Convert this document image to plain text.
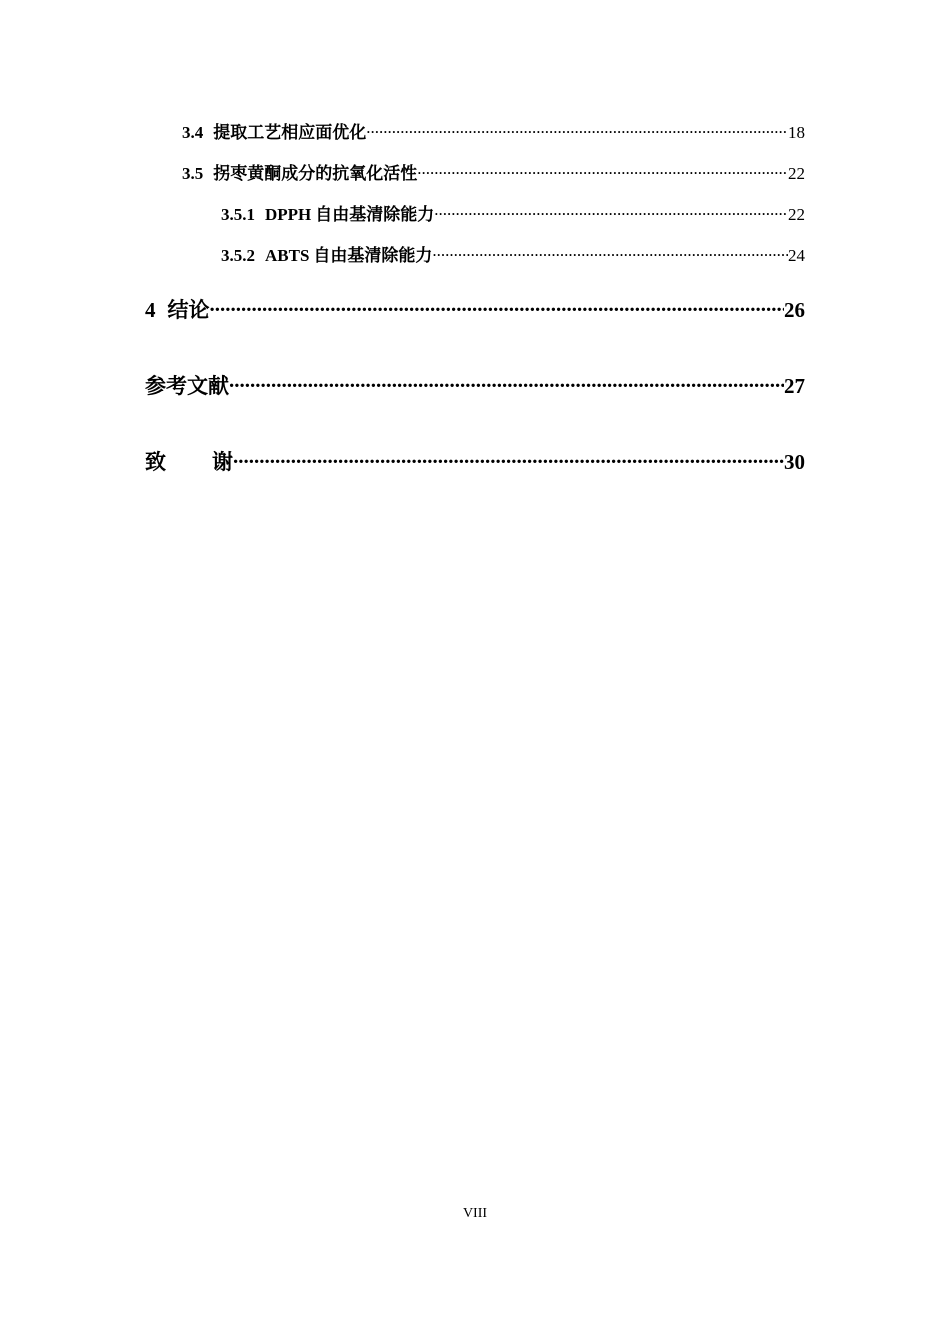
3.4 提取工艺相应面优化 .....	18
3.5 拐枣黄酮成分的抗氧化活性 .....	22
3.5.1 DPPH 自由基清除能力 .....	22
3.5.2 ABTS 自由基清除能力 .....	24
4 结论 .....	26
参考文献 .....	27
致 谢 .....	30
VIII
